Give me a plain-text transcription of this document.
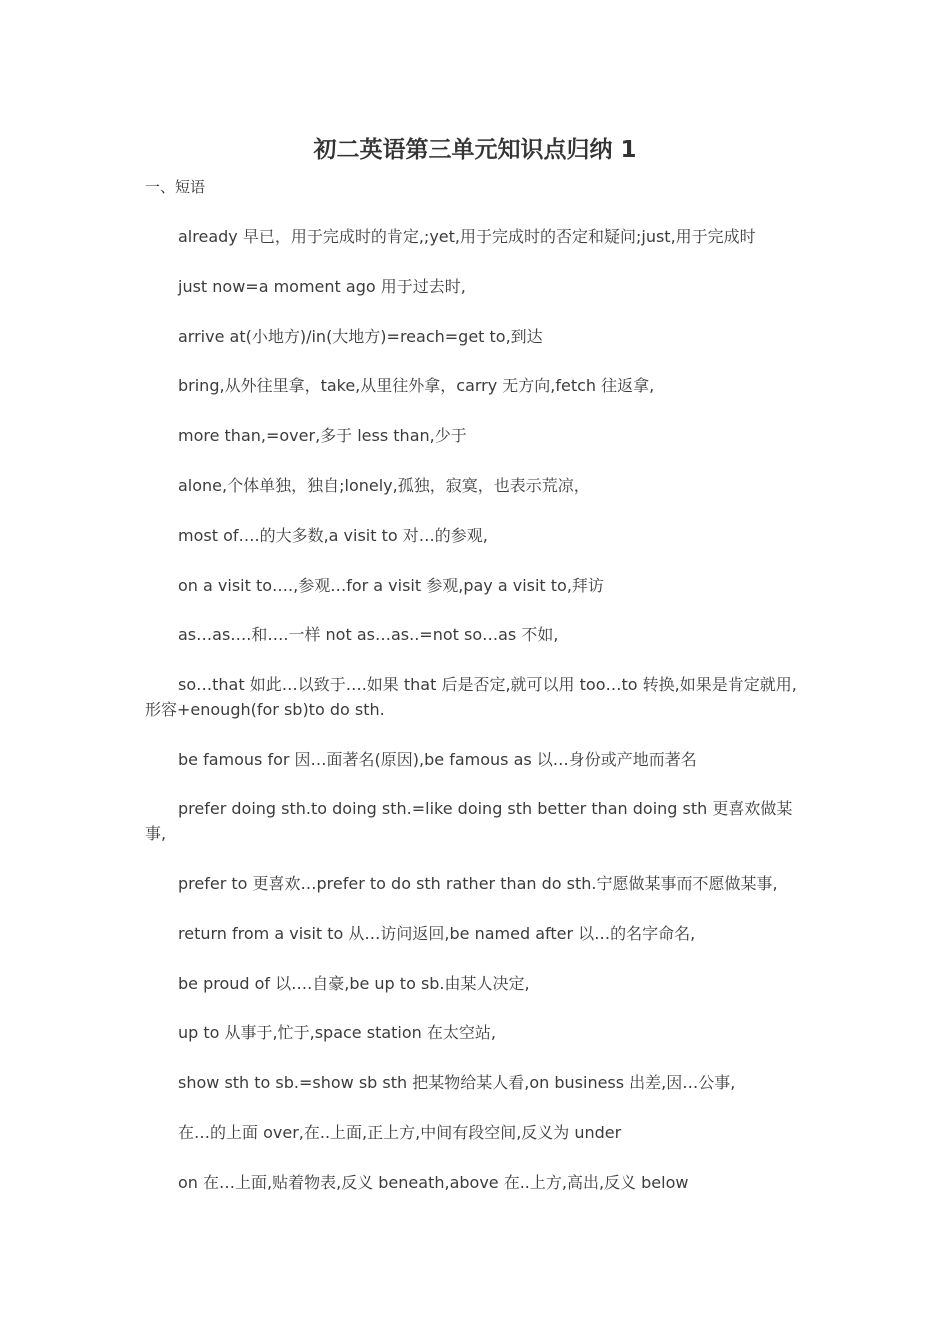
初二英语第三单元知识点归纳 1
一、短语

already 早已，用于完成时的肯定,;yet,用于完成时的否定和疑问;just,用于完成时

just now=a moment ago 用于过去时,

arrive at(小地方)/in(大地方)=reach=get to,到达

bring,从外往里拿，take,从里往外拿，carry 无方向,fetch 往返拿,

more than,=over,多于 less than,少于

alone,个体单独，独自;lonely,孤独，寂寞，也表示荒凉，

most of….的大多数,a visit to 对…的参观,

on a visit to….,参观…for a visit 参观,pay a visit to,拜访

as…as….和….一样 not as…as..=not so…as 不如,

so…that 如此…以致于….如果 that 后是否定,就可以用 too…to 转换,如果是肯定就用,形容+enough(for sb)to do sth.

be famous for 因…面著名(原因),be famous as 以…身份或产地而著名

prefer doing sth.to doing sth.=like doing sth better than doing sth 更喜欢做某事,

prefer to 更喜欢…prefer to do sth rather than do sth.宁愿做某事而不愿做某事,

return from a visit to 从…访问返回,be named after 以…的名字命名,

be proud of 以….自豪,be up to sb.由某人决定,

up to 从事于,忙于,space station 在太空站,

show sth to sb.=show sb sth 把某物给某人看,on business 出差,因…公事,

在…的上面 over,在..上面,正上方,中间有段空间,反义为 under

on 在…上面,贴着物表,反义 beneath,above 在..上方,高出,反义 below
